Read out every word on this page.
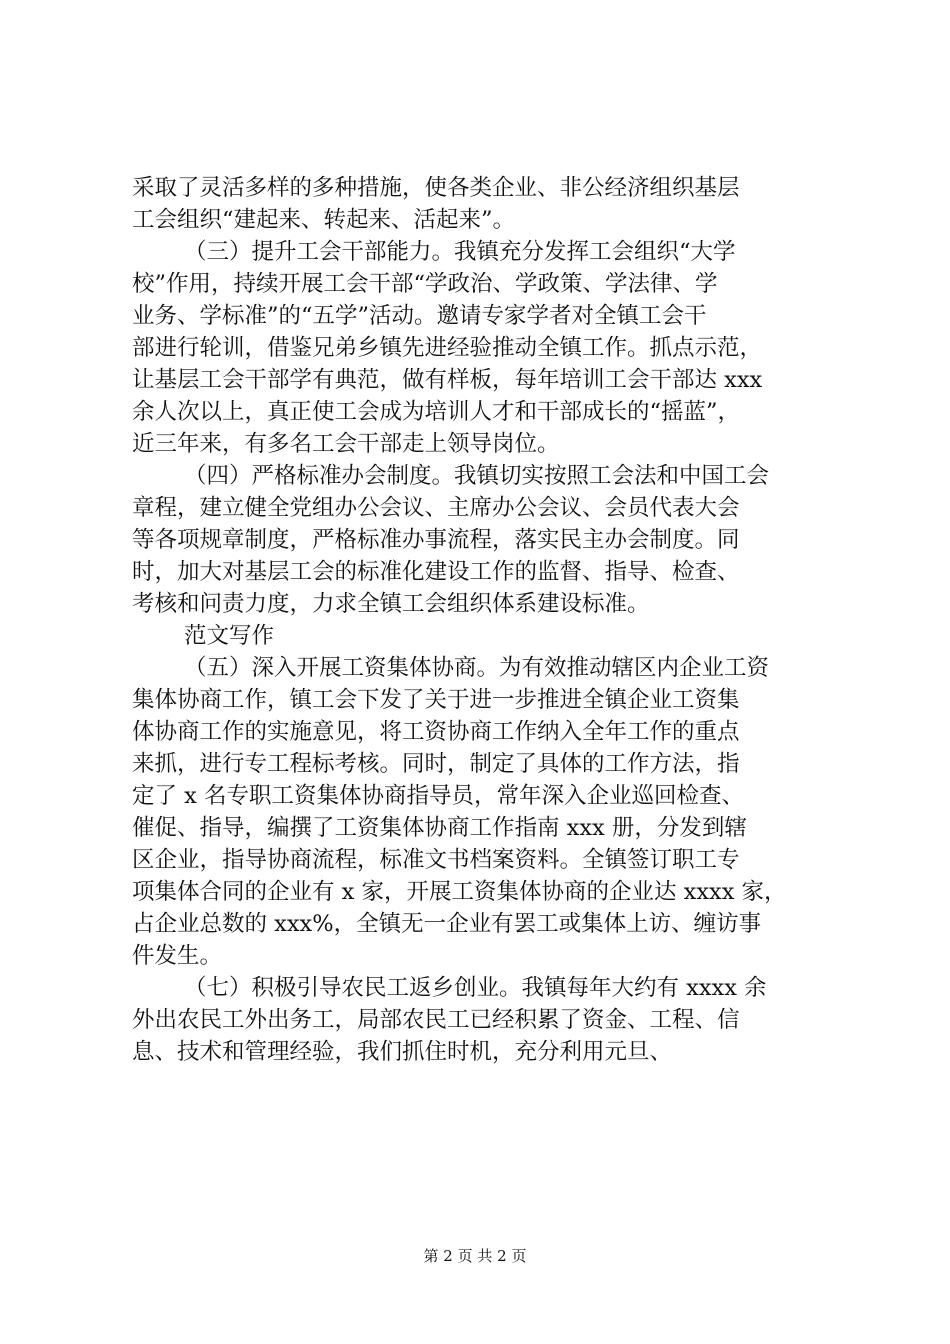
采取了灵活多样的多种措施，使各类企业、非公经济组织基层
工会组织“建起来、转起来、活起来”。
（三）提升工会干部能力。我镇充分发挥工会组织“大学
校”作用，持续开展工会干部“学政治、学政策、学法律、学
业务、学标准”的“五学”活动。邀请专家学者对全镇工会干
部进行轮训，借鉴兄弟乡镇先进经验推动全镇工作。抓点示范，
让基层工会干部学有典范，做有样板，每年培训工会干部达 xxx
余人次以上，真正使工会成为培训人才和干部成长的“摇蓝”，
近三年来，有多名工会干部走上领导岗位。
（四）严格标准办会制度。我镇切实按照工会法和中国工会
章程，建立健全党组办公会议、主席办公会议、会员代表大会
等各项规章制度，严格标准办事流程，落实民主办会制度。同
时，加大对基层工会的标准化建设工作的监督、指导、检查、
考核和问责力度，力求全镇工会组织体系建设标准。
范文写作
（五）深入开展工资集体协商。为有效推动辖区内企业工资
集体协商工作，镇工会下发了关于进一步推进全镇企业工资集
体协商工作的实施意见，将工资协商工作纳入全年工作的重点
来抓，进行专工程标考核。同时，制定了具体的工作方法，指
定了 x 名专职工资集体协商指导员，常年深入企业巡回检查、
催促、指导，编撰了工资集体协商工作指南 xxx 册，分发到辖
区企业，指导协商流程，标准文书档案资料。全镇签订职工专
项集体合同的企业有 x 家，开展工资集体协商的企业达 xxxx 家，
占企业总数的 xxx%，全镇无一企业有罢工或集体上访、缠访事
件发生。
（七）积极引导农民工返乡创业。我镇每年大约有 xxxx 余
外出农民工外出务工，局部农民工已经积累了资金、工程、信
息、技术和管理经验，我们抓住时机，充分利用元旦、
第 2 页 共 2 页
